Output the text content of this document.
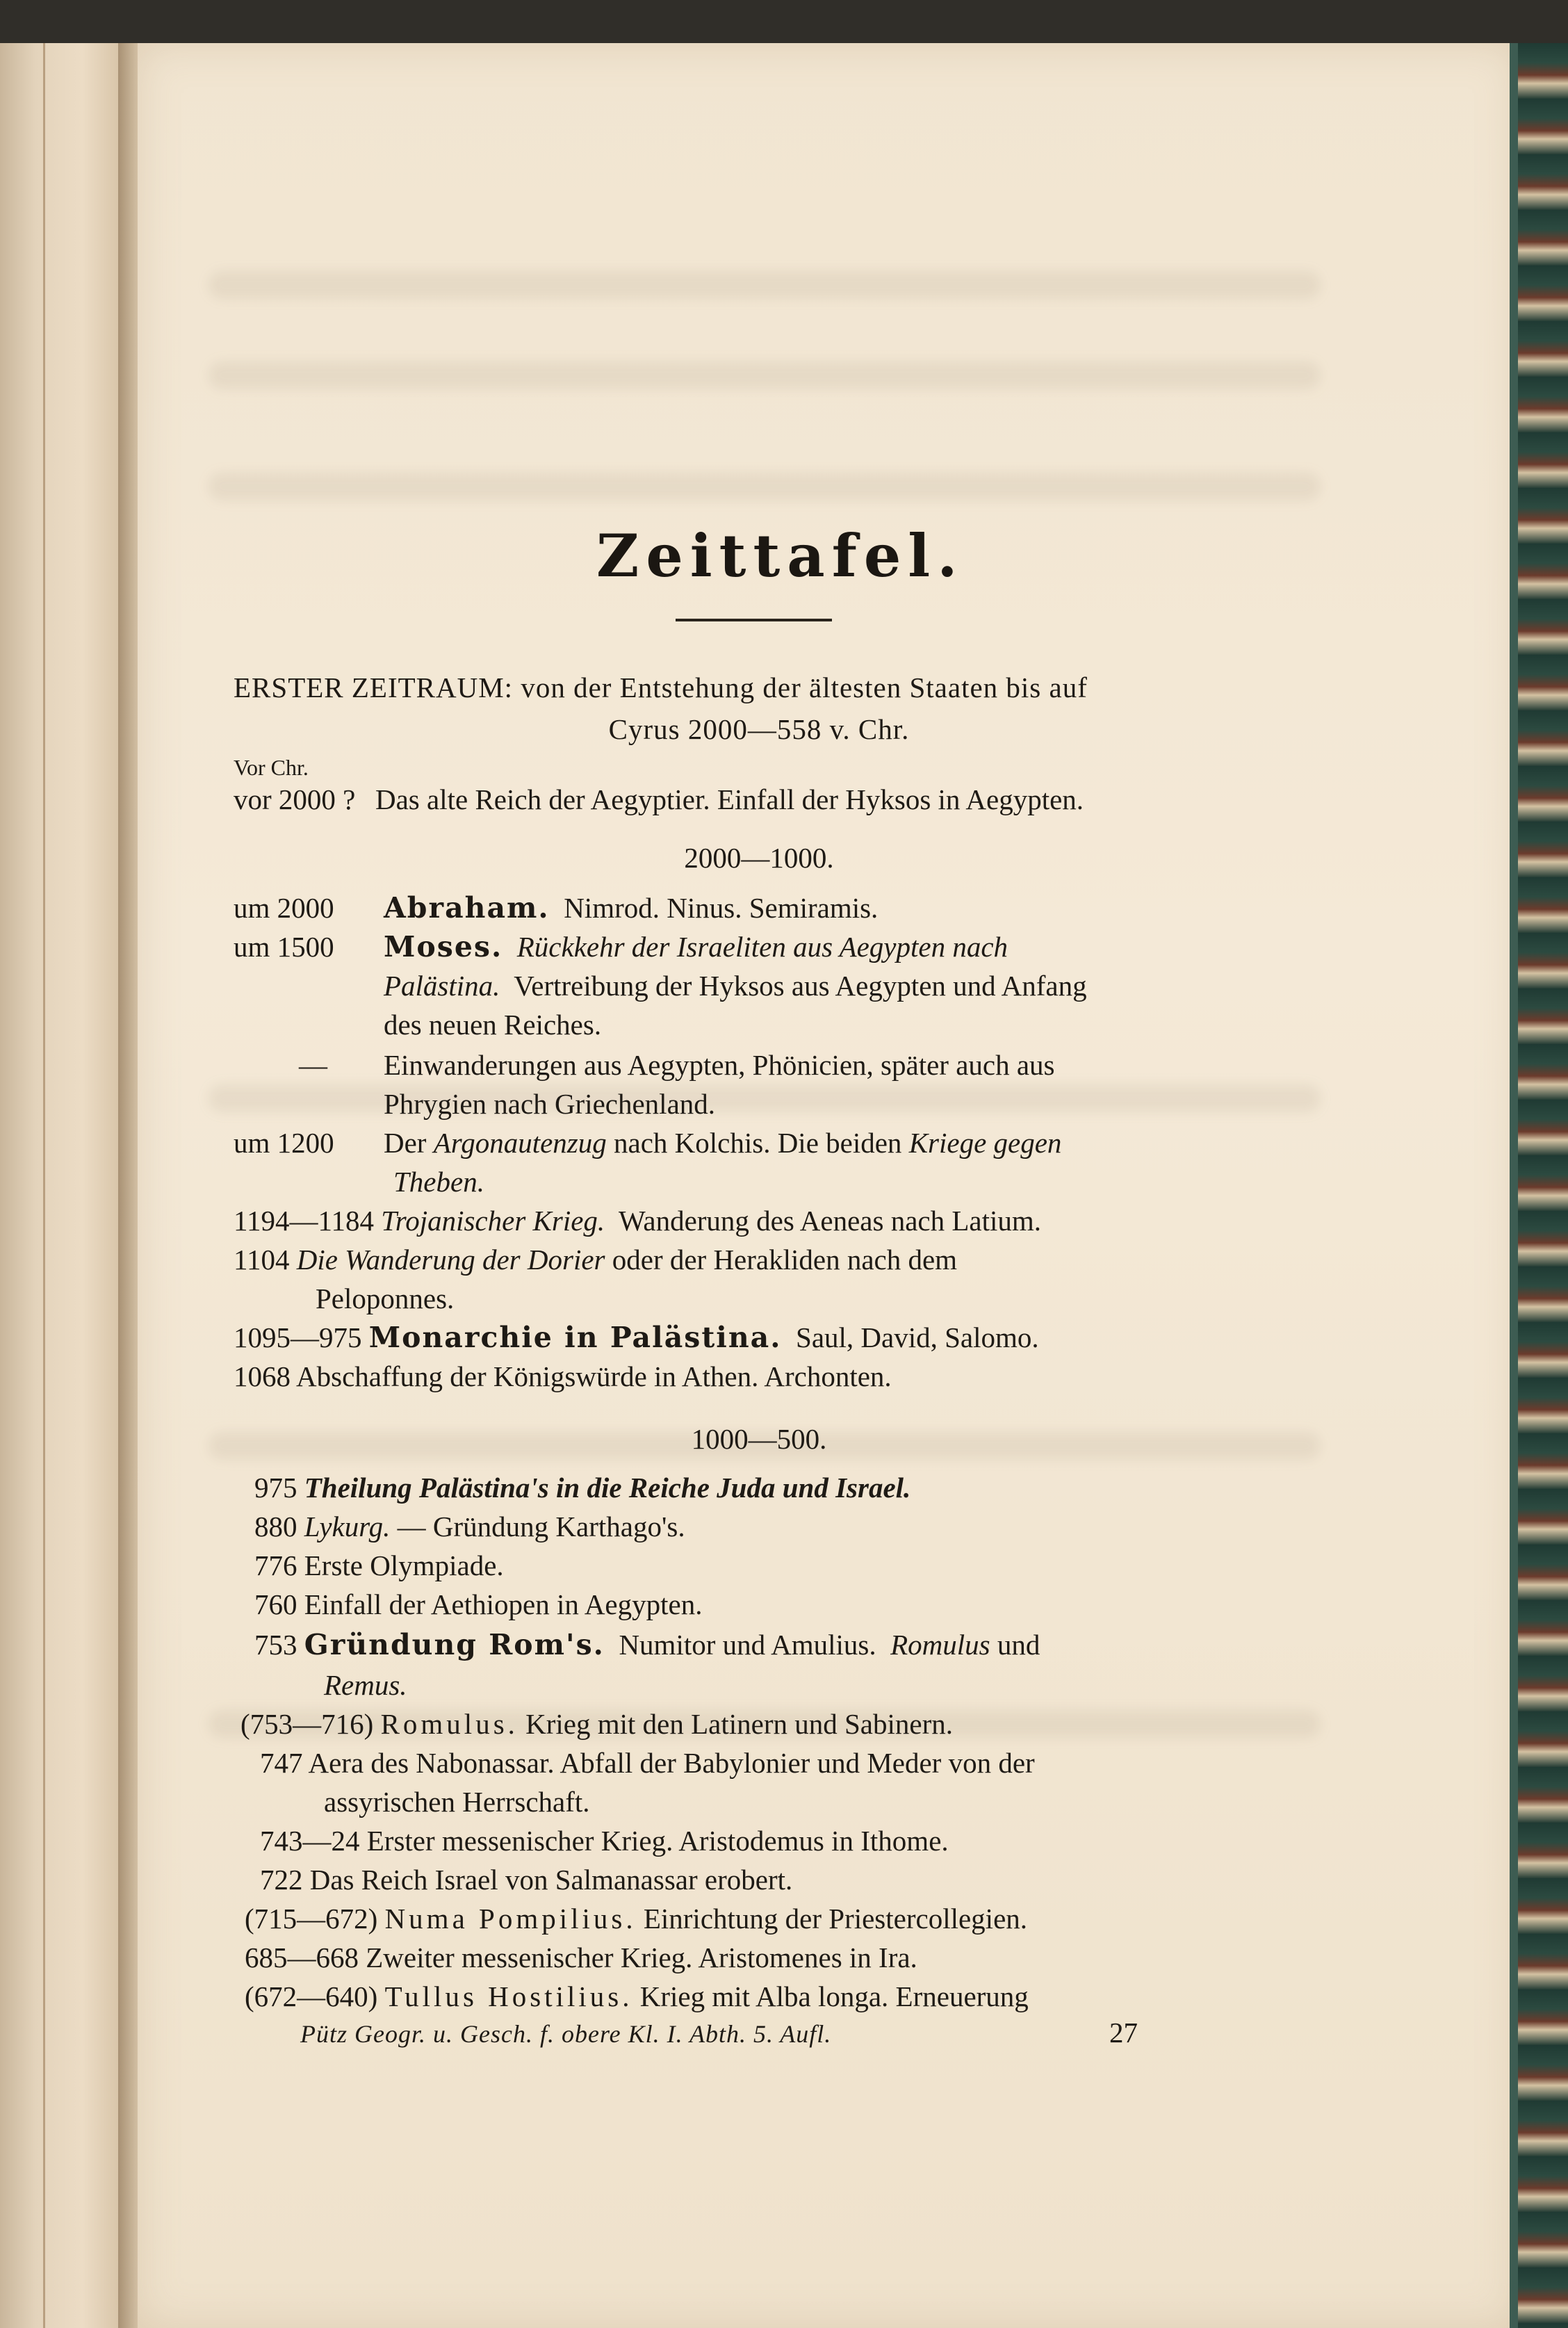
Zeittafel.
ERSTER ZEITRAUM: von der Entstehung der ältesten Staaten bis auf
Cyrus 2000—558 v. Chr.
Vor Chr.
vor 2000 ? Das alte Reich der Aegyptier. Einfall der Hyksos in Aegypten.
2000—1000.
um 2000 Abraham. Nimrod. Ninus. Semiramis.
um 1500 Moses. Rückkehr der Israeliten aus Aegypten nach
Palästina. Vertreibung der Hyksos aus Aegypten und Anfang
des neuen Reiches.
— Einwanderungen aus Aegypten, Phönicien, später auch aus
Phrygien nach Griechenland.
um 1200 Der Argonautenzug nach Kolchis. Die beiden Kriege gegen
Theben.
1194—1184 Trojanischer Krieg. Wanderung des Aeneas nach Latium.
1104 Die Wanderung der Dorier oder der Herakliden nach dem
Peloponnes.
1095—975 Monarchie in Palästina. Saul, David, Salomo.
1068 Abschaffung der Königswürde in Athen. Archonten.
1000—500.
975 Theilung Palästina's in die Reiche Juda und Israel.
880 Lykurg. — Gründung Karthago's.
776 Erste Olympiade.
760 Einfall der Aethiopen in Aegypten.
753 Gründung Rom's. Numitor und Amulius. Romulus und
Remus.
(753—716) Romulus. Krieg mit den Latinern und Sabinern.
747 Aera des Nabonassar. Abfall der Babylonier und Meder von der
assyrischen Herrschaft.
743—24 Erster messenischer Krieg. Aristodemus in Ithome.
722 Das Reich Israel von Salmanassar erobert.
(715—672) Numa Pompilius. Einrichtung der Priestercollegien.
685—668 Zweiter messenischer Krieg. Aristomenes in Ira.
(672—640) Tullus Hostilius. Krieg mit Alba longa. Erneuerung
Pütz Geogr. u. Gesch. f. obere Kl. I. Abth. 5. Aufl.	27
